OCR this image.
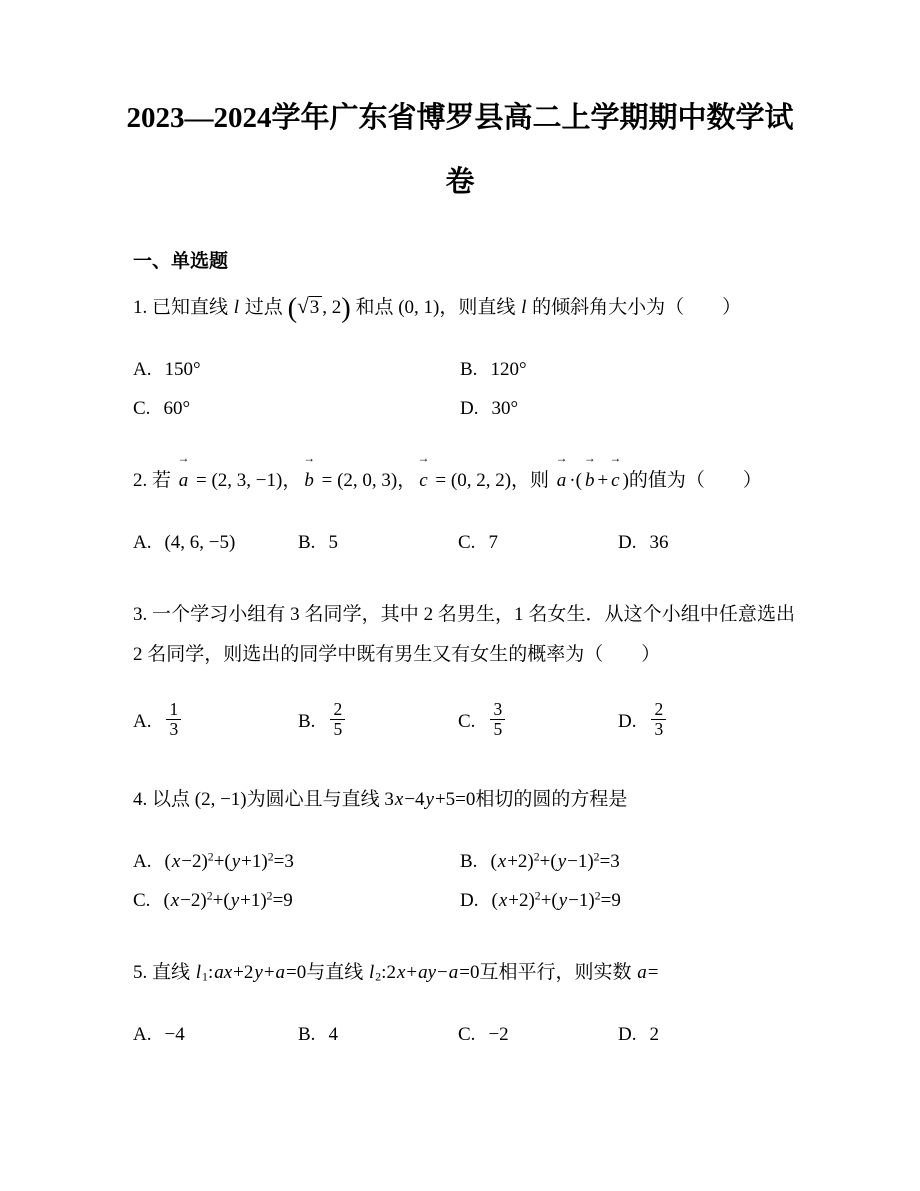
2023—2024学年广东省博罗县高二上学期期中数学试卷
一、单选题

1. 已知直线 l 过点 (√3 , 2) 和点 (0, 1)，则直线 l 的倾斜角大小为（　　）

A. 150°	B. 120°
C. 60°	D. 30°

2. 若
→
a = (2, 3, −1)，
→
b = (2, 0, 3)，
→
c = (0, 2, 2)，则
→
a ·(
→
b +
→
c )的值为（　　）

A. (4, 6, −5)	B. 5	C. 7	D. 36

3. 一个学习小组有 3 名同学，其中 2 名男生，1 名女生．从这个小组中任意选出 2 名同学，则选出的同学中既有男生又有女生的概率为（　　）

A. $\frac{1}{3}$	B. $\frac{2}{5}$	C. $\frac{3}{5}$	D. $\frac{2}{3}$

4. 以点 (2, −1)为圆心且与直线 3x−4y+5=0相切的圆的方程是

A. $(x-2)^2+(y+1)^2=3$	B. $(x+2)^2+(y-1)^2=3$
C. $(x-2)^2+(y+1)^2=9$	D. $(x+2)^2+(y-1)^2=9$

5. 直线 $l_1:ax+2y+a=0$与直线 $l_2:2x+ay-a=0$互相平行，则实数 a=

A. −4	B. 4	C. −2	D. 2
